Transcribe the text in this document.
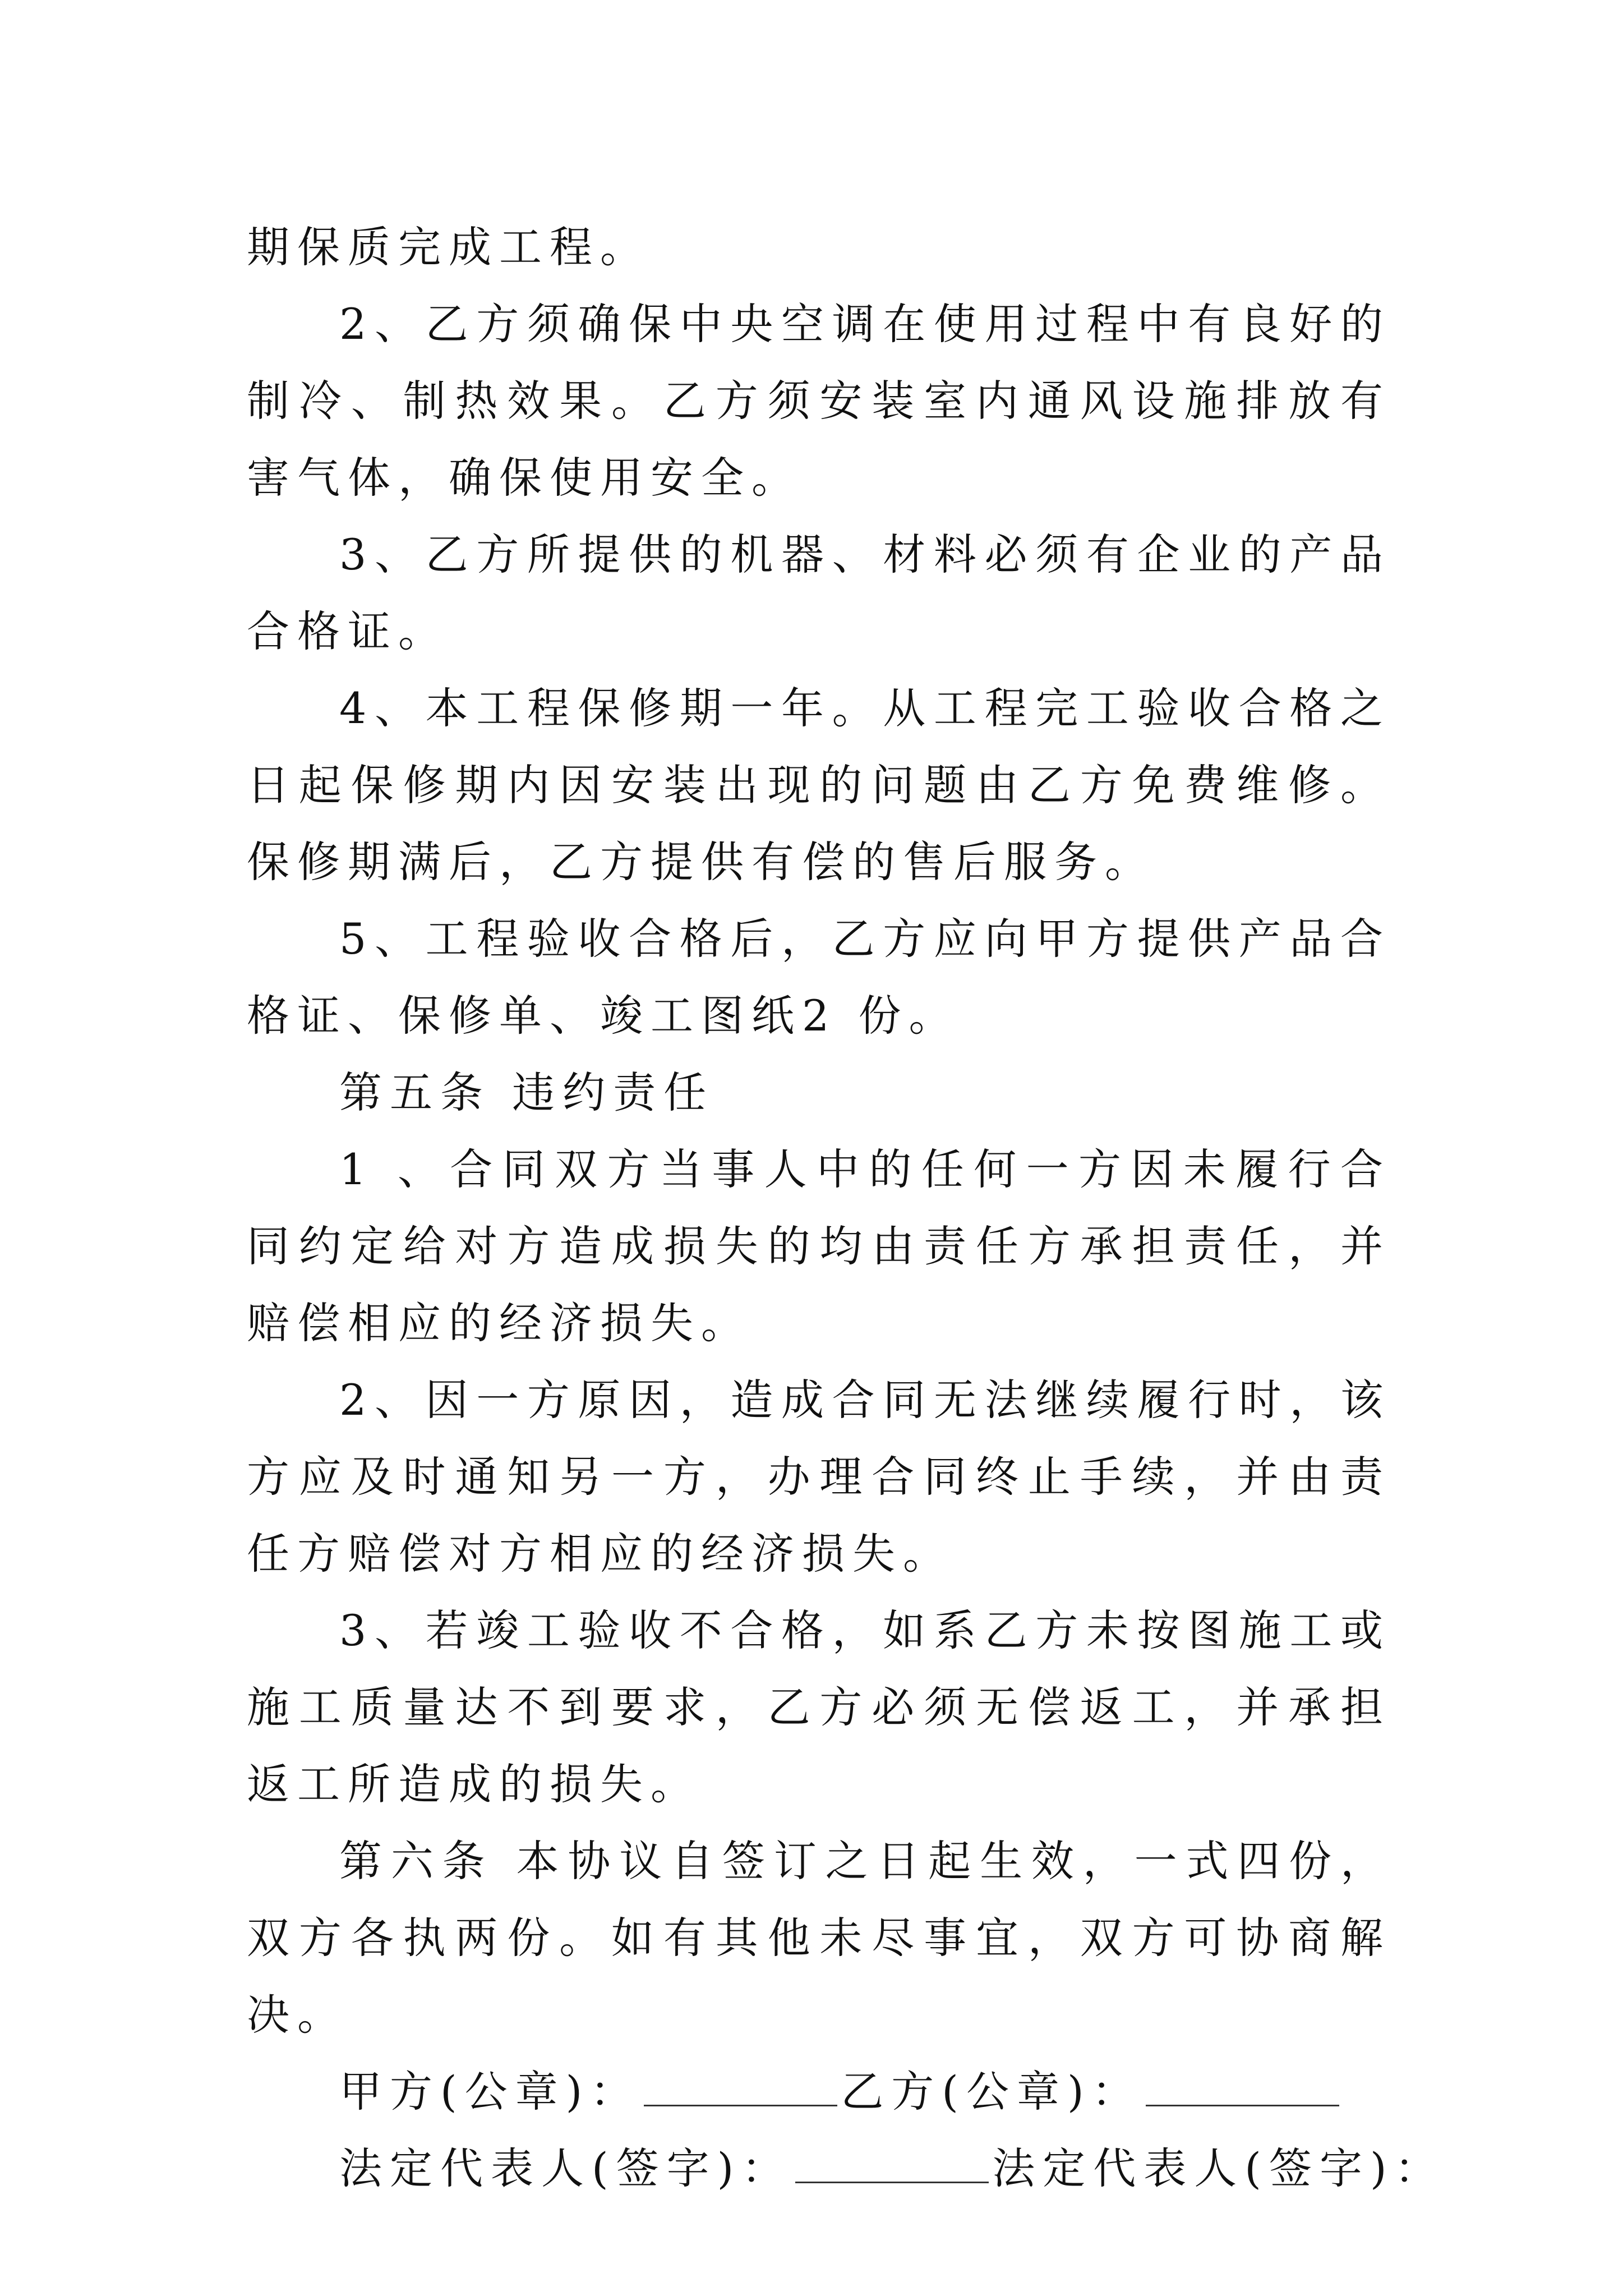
期保质完成工程。

2、乙方须确保中央空调在使用过程中有良好的制冷、制热效果。乙方须安装室内通风设施排放有害气体，确保使用安全。

3、乙方所提供的机器、材料必须有企业的产品合格证。

4、本工程保修期一年。从工程完工验收合格之日起保修期内因安装出现的问题由乙方免费维修。保修期满后，乙方提供有偿的售后服务。

5、工程验收合格后，乙方应向甲方提供产品合格证、保修单、竣工图纸2 份。

第五条 违约责任

1 、合同双方当事人中的任何一方因未履行合同约定给对方造成损失的均由责任方承担责任，并赔偿相应的经济损失。

2、因一方原因，造成合同无法继续履行时，该方应及时通知另一方，办理合同终止手续，并由责任方赔偿对方相应的经济损失。

3、若竣工验收不合格，如系乙方未按图施工或施工质量达不到要求，乙方必须无偿返工，并承担返工所造成的损失。

第六条 本协议自签订之日起生效，一式四份，双方各执两份。如有其他未尽事宜，双方可协商解决。

甲方(公章)：	乙方(公章)：

法定代表人(签字)：	法定代表人(签字)：
